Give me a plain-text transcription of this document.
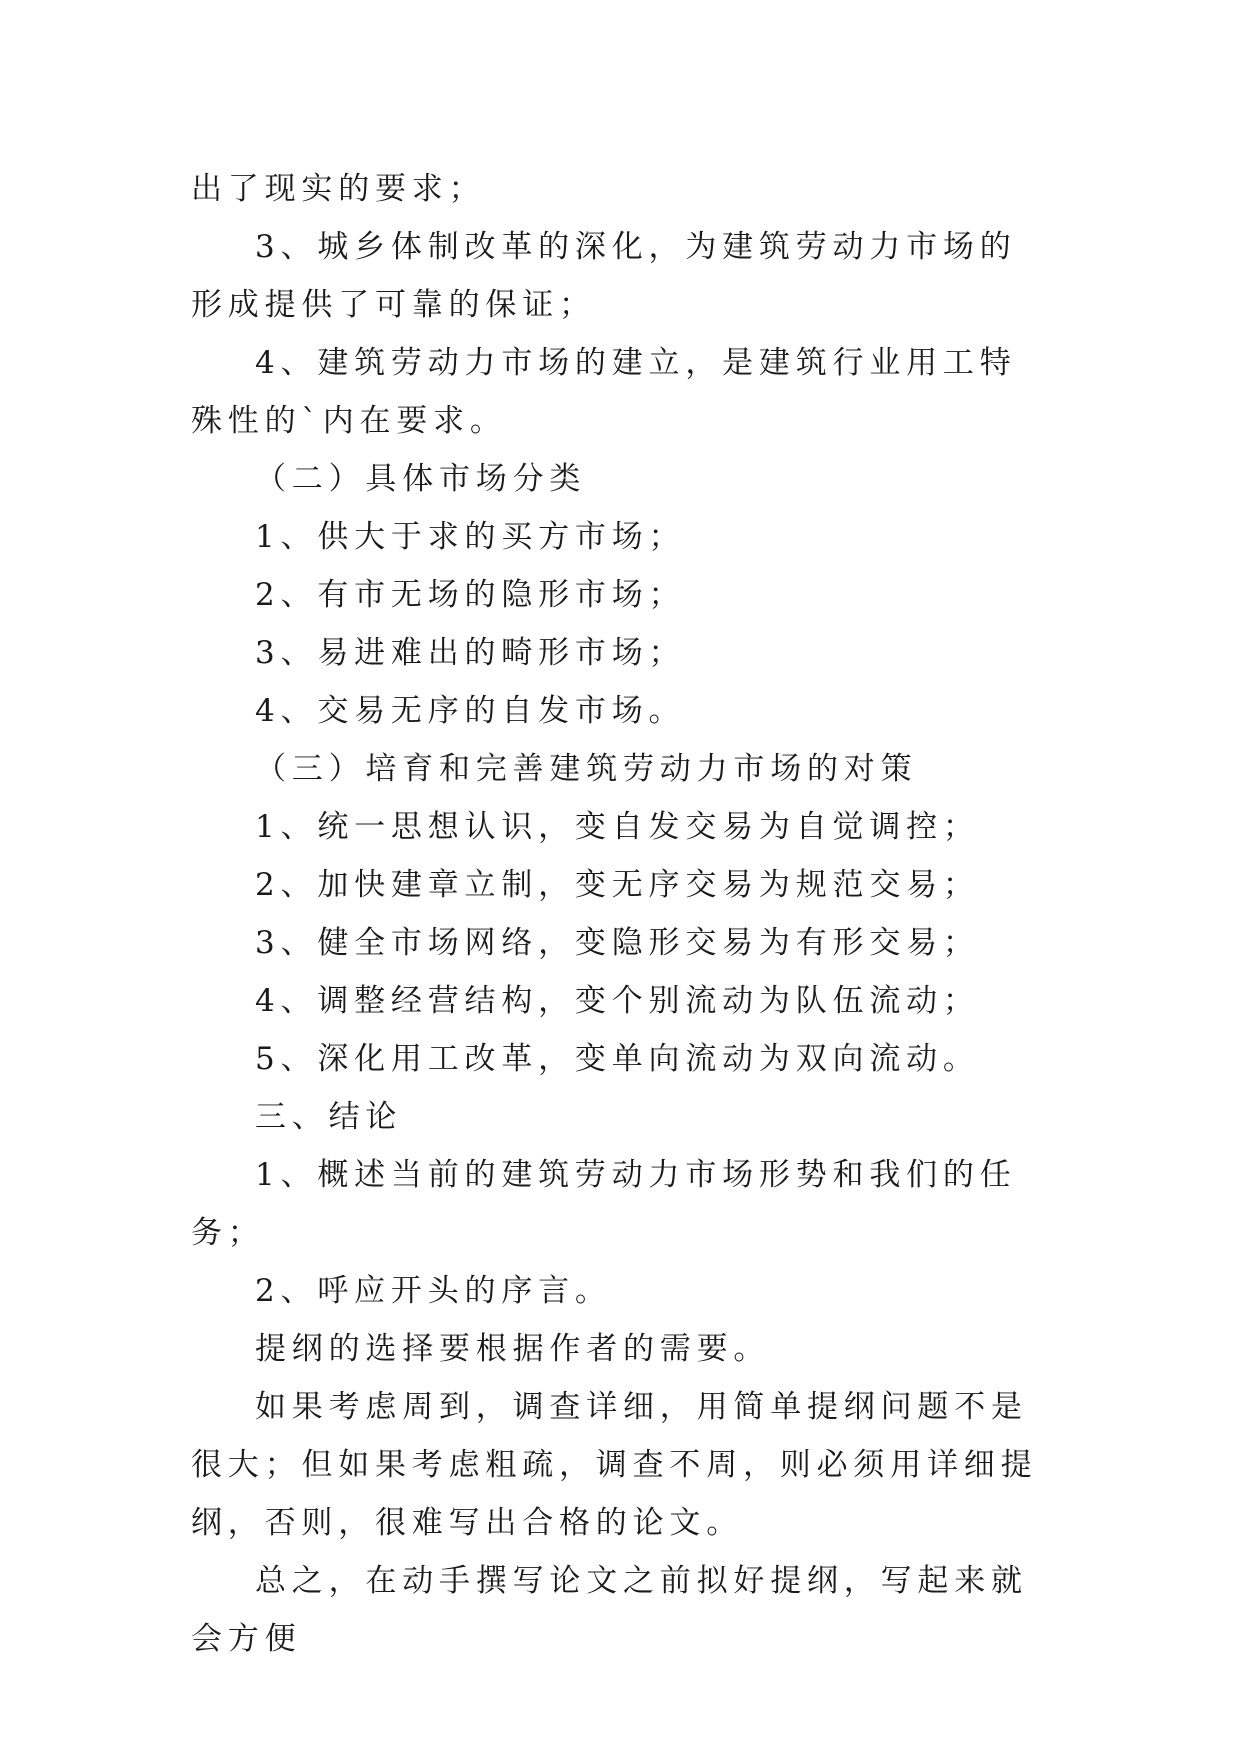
出了现实的要求；

3、城乡体制改革的深化，为建筑劳动力市场的形成提供了可靠的保证；

4、建筑劳动力市场的建立，是建筑行业用工特殊性的`内在要求。

（二）具体市场分类

1、供大于求的买方市场；

2、有市无场的隐形市场；

3、易进难出的畸形市场；

4、交易无序的自发市场。

（三）培育和完善建筑劳动力市场的对策

1、统一思想认识，变自发交易为自觉调控；

2、加快建章立制，变无序交易为规范交易；

3、健全市场网络，变隐形交易为有形交易；

4、调整经营结构，变个别流动为队伍流动；

5、深化用工改革，变单向流动为双向流动。

三、结论

1、概述当前的建筑劳动力市场形势和我们的任务；

2、呼应开头的序言。

提纲的选择要根据作者的需要。

如果考虑周到，调查详细，用简单提纲问题不是很大；但如果考虑粗疏，调查不周，则必须用详细提纲，否则，很难写出合格的论文。

总之，在动手撰写论文之前拟好提纲，写起来就会方便
